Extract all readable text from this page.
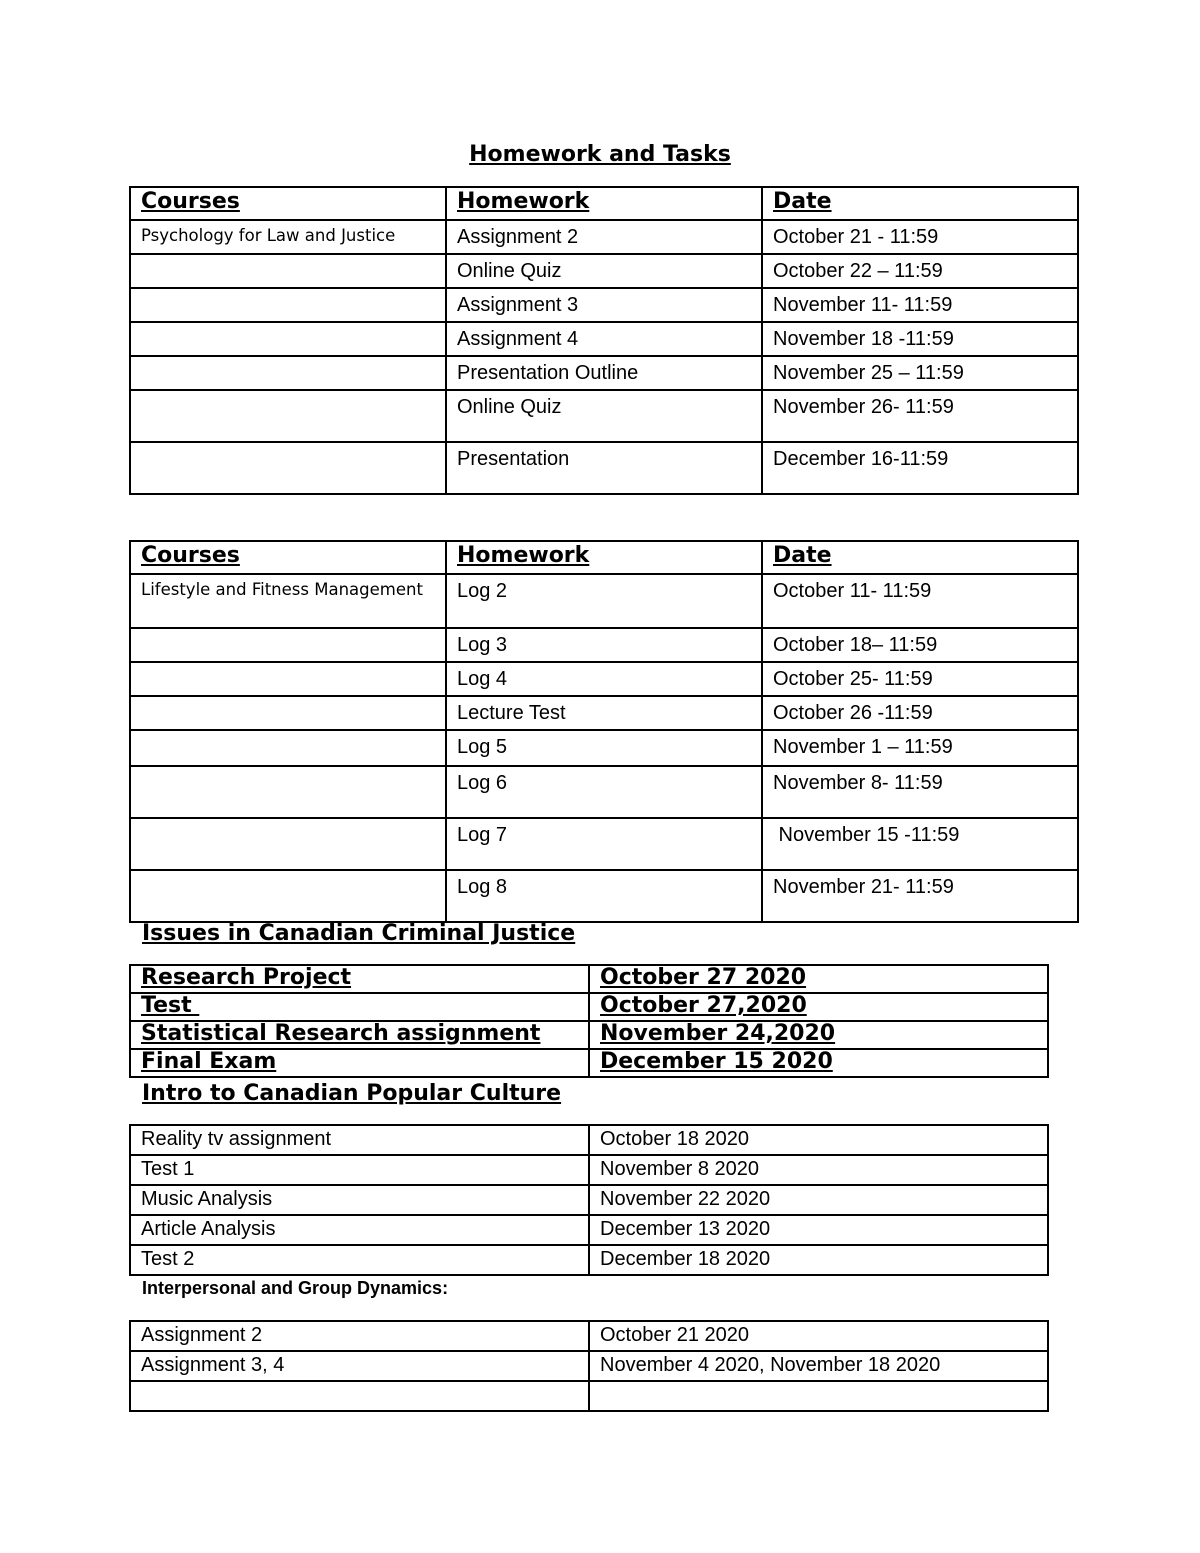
Homework and Tasks
Courses	Homework	Date
Psychology for Law and Justice	Assignment 2	October 21 - 11:59
	Online Quiz	October 22 – 11:59
	Assignment 3	November 11- 11:59
	Assignment 4	November 18 -11:59
	Presentation Outline	November 25 – 11:59
	Online Quiz	November 26- 11:59
	Presentation	December 16-11:59
Courses	Homework	Date
Lifestyle and Fitness Management	Log 2	October 11- 11:59
	Log 3	October 18– 11:59
	Log 4	October 25- 11:59
	Lecture Test	October 26 -11:59
	Log 5	November 1 – 11:59
	Log 6	November 8- 11:59
	Log 7	November 15 -11:59
	Log 8	November 21- 11:59
Issues in Canadian Criminal Justice
Research Project	October 27 2020
Test	October 27,2020
Statistical Research assignment	November 24,2020
Final Exam	December 15 2020
Intro to Canadian Popular Culture
Reality tv assignment	October 18 2020
Test 1	November 8 2020
Music Analysis	November 22 2020
Article Analysis	December 13 2020
Test 2	December 18 2020
Interpersonal and Group Dynamics:
Assignment 2	October 21 2020
Assignment 3, 4	November 4 2020, November 18 2020
